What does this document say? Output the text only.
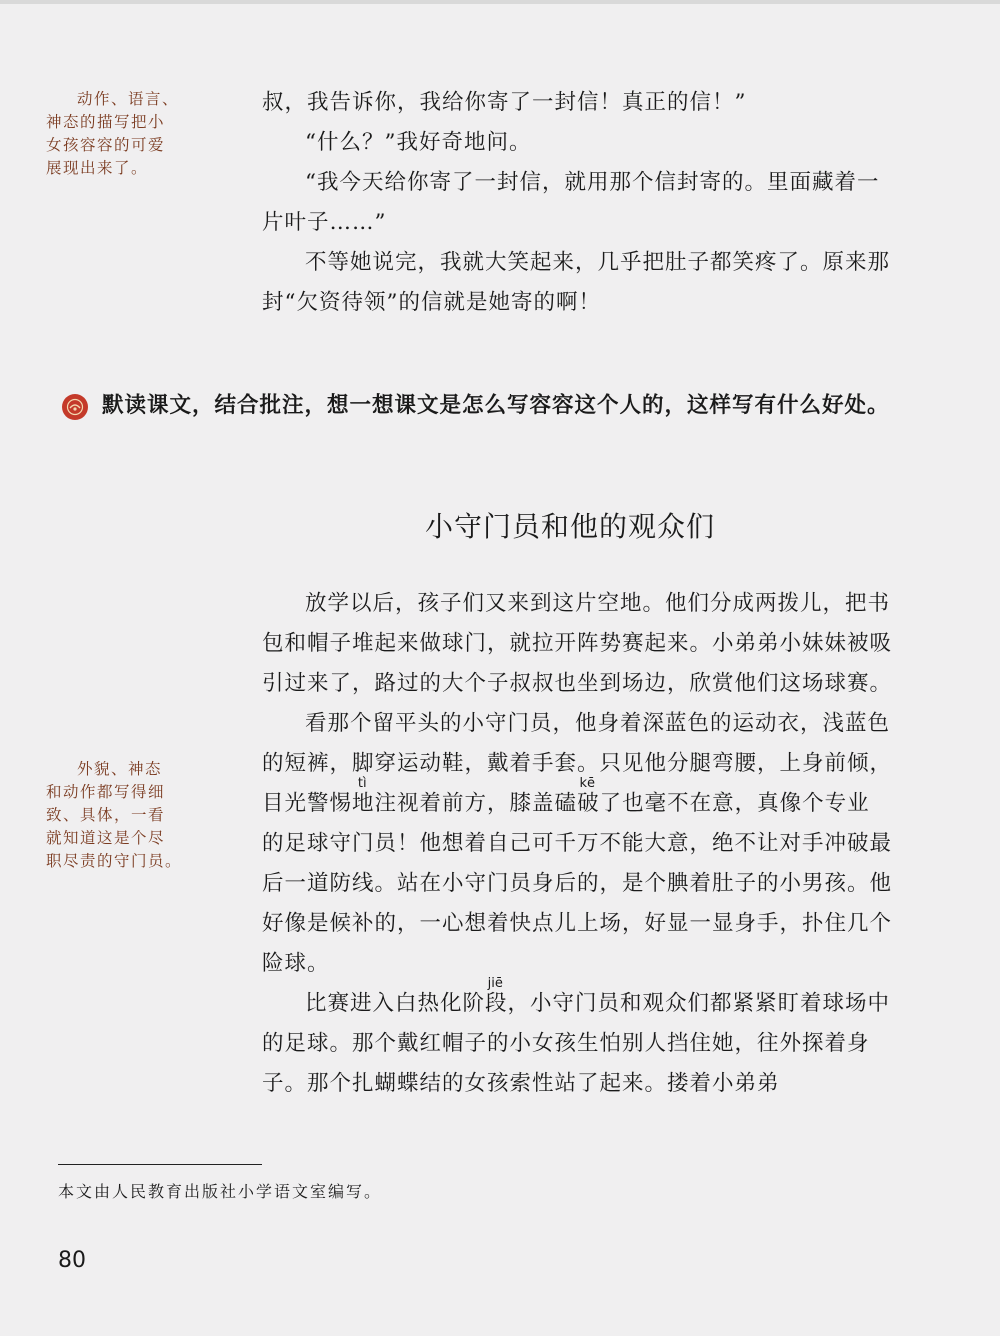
动作、语言、
神态的描写把小
女孩容容的可爱
展现出来了。

叔，我告诉你，我给你寄了一封信！真正的信！”

“什么？”我好奇地问。

“我今天给你寄了一封信，就用那个信封寄的。里面藏着一片叶子……”

不等她说完，我就大笑起来，几乎把肚子都笑疼了。原来那封“欠资待领”的信就是她寄的啊！

默读课文，结合批注，想一想课文是怎么写容容这个人的，这样写有什么好处。
小守门员和他的观众们
外貌、神态
和动作都写得细
致、具体，一看
就知道这是个尽
职尽责的守门员。

放学以后，孩子们又来到这片空地。他们分成两拨儿，把书包和帽子堆起来做球门，就拉开阵势赛起来。小弟弟小妹妹被吸引过来了，路过的大个子叔叔也坐到场边，欣赏他们这场球赛。

看那个留平头的小守门员，他身着深蓝色的运动衣，浅蓝色的短裤，脚穿运动鞋，戴着手套。只见他分腿弯腰，上身前倾，目光警惕
tì
地注视着前方，膝盖磕
kē
破了也毫不在意，真像个专业的足球守门员！他想着自己可千万不能大意，绝不让对手冲破最后一道防线。站在小守门员身后的，是个腆着肚子的小男孩。他好像是候补的，一心想着快点儿上场，好显一显身手，扑住几个险球。

比赛进入白热化阶
jiē
段，小守门员和观众们都紧紧盯着球场中的足球。那个戴红帽子的小女孩生怕别人挡住她，往外探着身子。那个扎蝴蝶结的女孩索性站了起来。搂着小弟弟

本文由人民教育出版社小学语文室编写。
80
